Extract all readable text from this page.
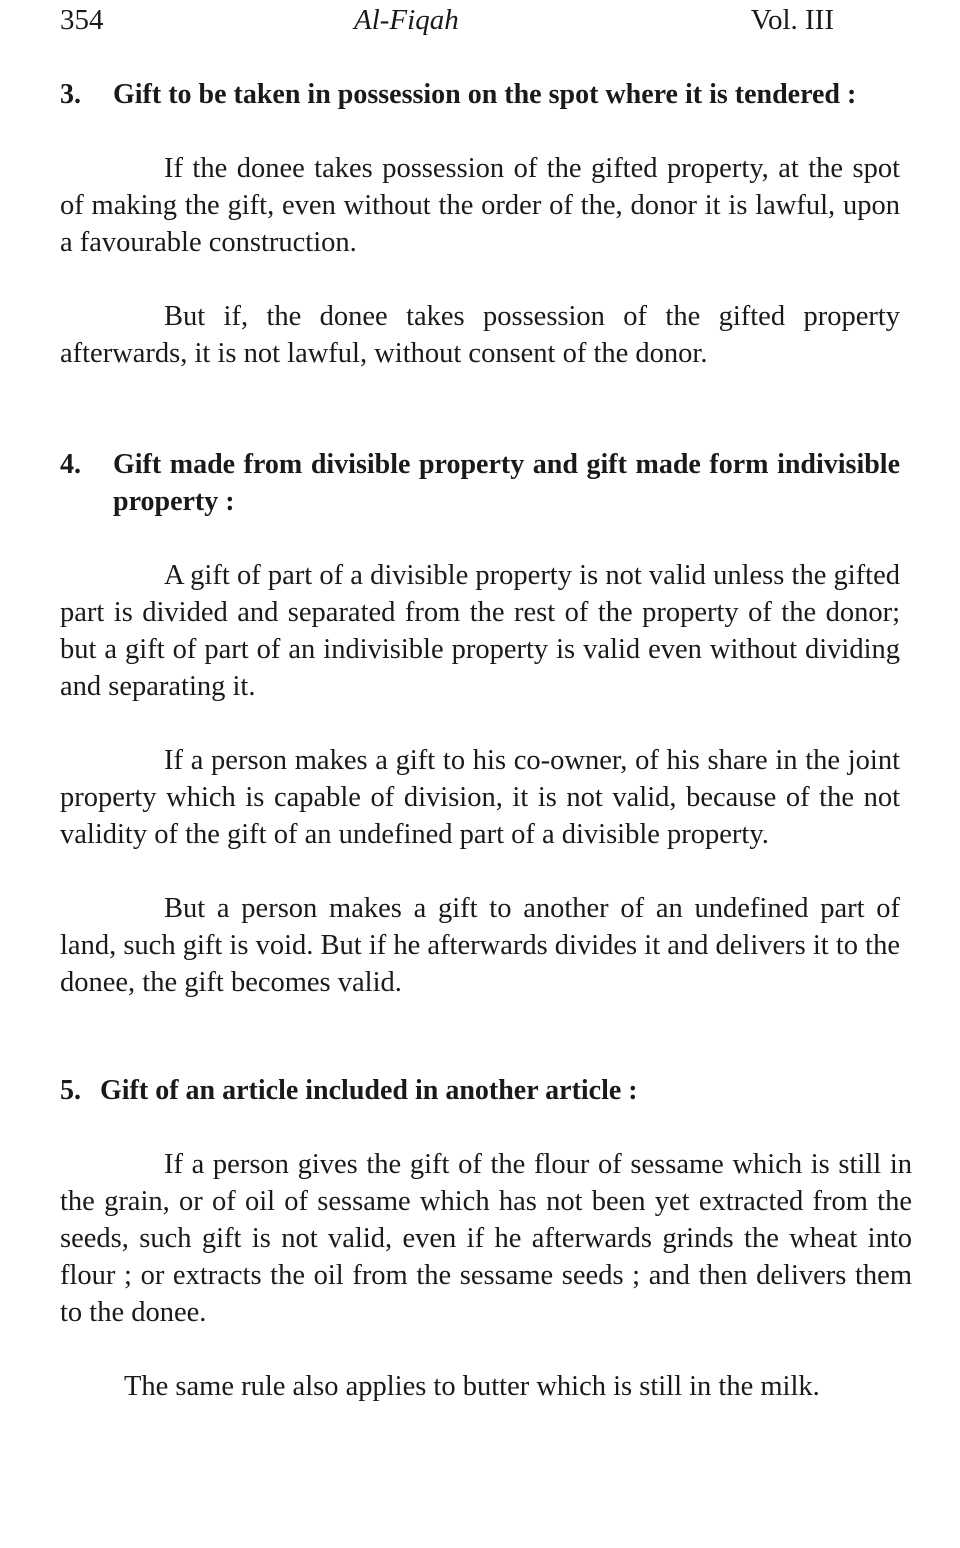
354	Al-Fiqah	Vol. III
3.	Gift to be taken in possession on the spot where it is tendered :

If the donee takes possession of the gifted property, at the spot of making the gift, even without the order of the, donor it is lawful, upon a favourable construction.

But if, the donee takes possession of the gifted property afterwards, it is not lawful, without consent of the donor.

4.	Gift made from divisible property and gift made form indivisible property :

A gift of part of a divisible property is not valid unless the gifted part is divided and separated from the rest of the property of the donor; but a gift of part of an indivisible property is valid even without dividing and separating it.

If a person makes a gift to his co-owner, of his share in the joint property which is capable of division, it is not valid, because of the not validity of the gift of an undefined part of a divisible property.

But a person makes a gift to another of an undefined part of land, such gift is void. But if he afterwards divides it and delivers it to the donee, the gift becomes valid.

5. Gift of an article included in another article :

If a person gives the gift of the flour of sessame which is still in the grain, or of oil of sessame which has not been yet extracted from the seeds, such gift is not valid, even if he afterwards grinds the wheat into flour ; or extracts the oil from the sessame seeds ; and then delivers them to the donee.

The same rule also applies to butter which is still in the milk.
